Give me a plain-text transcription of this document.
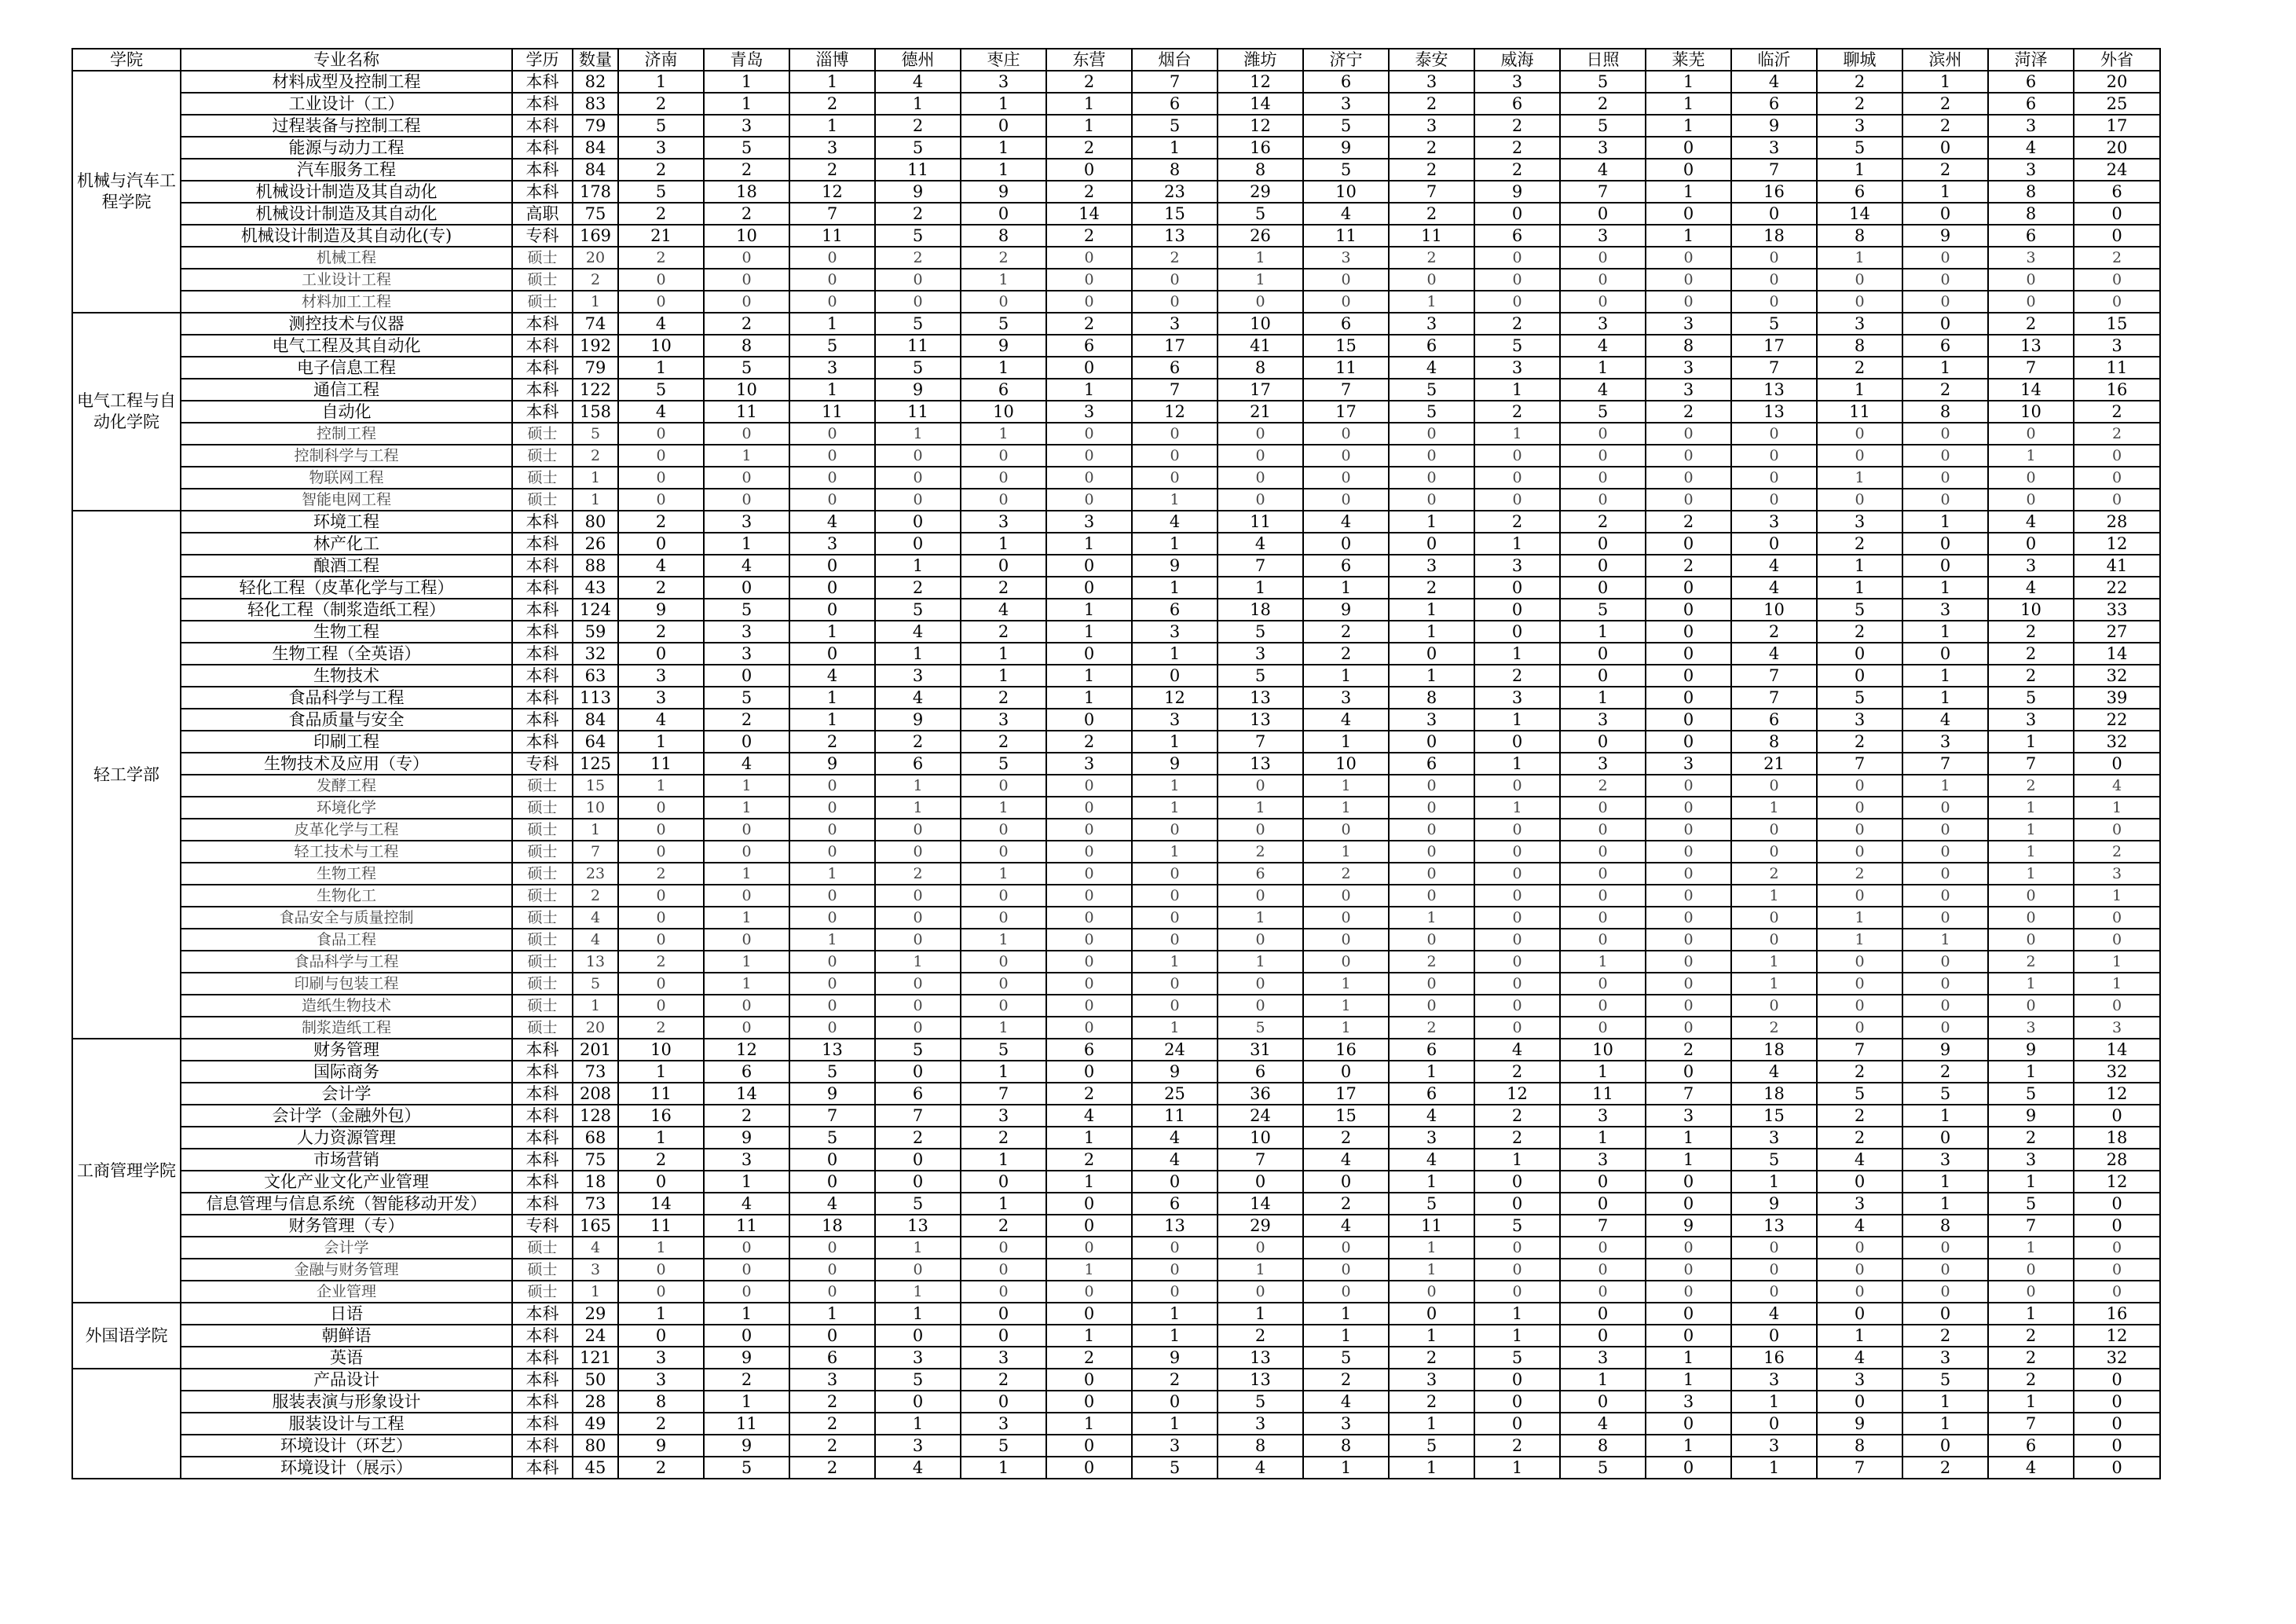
学院	专业名称	学历	数量	济南	青岛	淄博	德州	枣庄	东营	烟台	潍坊	济宁	泰安	威海	日照	莱芜	临沂	聊城	滨州	菏泽	外省
机械与汽车工程学院	材料成型及控制工程	本科	82	1	1	1	4	3	2	7	12	6	3	3	5	1	4	2	1	6	20
	工业设计（工）	本科	83	2	1	2	1	1	1	6	14	3	2	6	2	1	6	2	2	6	25
	过程装备与控制工程	本科	79	5	3	1	2	0	1	5	12	5	3	2	5	1	9	3	2	3	17
	能源与动力工程	本科	84	3	5	3	5	1	2	1	16	9	2	2	3	0	3	5	0	4	20
	汽车服务工程	本科	84	2	2	2	11	1	0	8	8	5	2	2	4	0	7	1	2	3	24
	机械设计制造及其自动化	本科	178	5	18	12	9	9	2	23	29	10	7	9	7	1	16	6	1	8	6
	机械设计制造及其自动化	高职	75	2	2	7	2	0	14	15	5	4	2	0	0	0	0	14	0	8	0
	机械设计制造及其自动化(专)	专科	169	21	10	11	5	8	2	13	26	11	11	6	3	1	18	8	9	6	0
	机械工程	硕士	20	2	0	0	2	2	0	2	1	3	2	0	0	0	0	1	0	3	2
	工业设计工程	硕士	2	0	0	0	0	1	0	0	1	0	0	0	0	0	0	0	0	0	0
	材料加工工程	硕士	1	0	0	0	0	0	0	0	0	0	1	0	0	0	0	0	0	0	0
电气工程与自动化学院	测控技术与仪器	本科	74	4	2	1	5	5	2	3	10	6	3	2	3	3	5	3	0	2	15
	电气工程及其自动化	本科	192	10	8	5	11	9	6	17	41	15	6	5	4	8	17	8	6	13	3
	电子信息工程	本科	79	1	5	3	5	1	0	6	8	11	4	3	1	3	7	2	1	7	11
	通信工程	本科	122	5	10	1	9	6	1	7	17	7	5	1	4	3	13	1	2	14	16
	自动化	本科	158	4	11	11	11	10	3	12	21	17	5	2	5	2	13	11	8	10	2
	控制工程	硕士	5	0	0	0	1	1	0	0	0	0	0	1	0	0	0	0	0	0	2
	控制科学与工程	硕士	2	0	1	0	0	0	0	0	0	0	0	0	0	0	0	0	0	1	0
	物联网工程	硕士	1	0	0	0	0	0	0	0	0	0	0	0	0	0	0	1	0	0	0
	智能电网工程	硕士	1	0	0	0	0	0	0	1	0	0	0	0	0	0	0	0	0	0	0
轻工学部	环境工程	本科	80	2	3	4	0	3	3	4	11	4	1	2	2	2	3	3	1	4	28
	林产化工	本科	26	0	1	3	0	1	1	1	4	0	0	1	0	0	0	2	0	0	12
	酿酒工程	本科	88	4	4	0	1	0	0	9	7	6	3	3	0	2	4	1	0	3	41
	轻化工程（皮革化学与工程）	本科	43	2	0	0	2	2	0	1	1	1	2	0	0	0	4	1	1	4	22
	轻化工程（制浆造纸工程）	本科	124	9	5	0	5	4	1	6	18	9	1	0	5	0	10	5	3	10	33
	生物工程	本科	59	2	3	1	4	2	1	3	5	2	1	0	1	0	2	2	1	2	27
	生物工程（全英语）	本科	32	0	3	0	1	1	0	1	3	2	0	1	0	0	4	0	0	2	14
	生物技术	本科	63	3	0	4	3	1	1	0	5	1	1	2	0	0	7	0	1	2	32
	食品科学与工程	本科	113	3	5	1	4	2	1	12	13	3	8	3	1	0	7	5	1	5	39
	食品质量与安全	本科	84	4	2	1	9	3	0	3	13	4	3	1	3	0	6	3	4	3	22
	印刷工程	本科	64	1	0	2	2	2	2	1	7	1	0	0	0	0	8	2	3	1	32
	生物技术及应用（专）	专科	125	11	4	9	6	5	3	9	13	10	6	1	3	3	21	7	7	7	0
	发酵工程	硕士	15	1	1	0	1	0	0	1	0	1	0	0	2	0	0	0	1	2	4
	环境化学	硕士	10	0	1	0	1	1	0	1	1	1	0	1	0	0	1	0	0	1	1
	皮革化学与工程	硕士	1	0	0	0	0	0	0	0	0	0	0	0	0	0	0	0	0	1	0
	轻工技术与工程	硕士	7	0	0	0	0	0	0	1	2	1	0	0	0	0	0	0	0	1	2
	生物工程	硕士	23	2	1	1	2	1	0	0	6	2	0	0	0	0	2	2	0	1	3
	生物化工	硕士	2	0	0	0	0	0	0	0	0	0	0	0	0	0	1	0	0	0	1
	食品安全与质量控制	硕士	4	0	1	0	0	0	0	0	1	0	1	0	0	0	0	1	0	0	0
	食品工程	硕士	4	0	0	1	0	1	0	0	0	0	0	0	0	0	0	1	1	0	0
	食品科学与工程	硕士	13	2	1	0	1	0	0	1	1	0	2	0	1	0	1	0	0	2	1
	印刷与包装工程	硕士	5	0	1	0	0	0	0	0	0	1	0	0	0	0	1	0	0	1	1
	造纸生物技术	硕士	1	0	0	0	0	0	0	0	0	1	0	0	0	0	0	0	0	0	0
	制浆造纸工程	硕士	20	2	0	0	0	1	0	1	5	1	2	0	0	0	2	0	0	3	3
工商管理学院	财务管理	本科	201	10	12	13	5	5	6	24	31	16	6	4	10	2	18	7	9	9	14
	国际商务	本科	73	1	6	5	0	1	0	9	6	0	1	2	1	0	4	2	2	1	32
	会计学	本科	208	11	14	9	6	7	2	25	36	17	6	12	11	7	18	5	5	5	12
	会计学（金融外包）	本科	128	16	2	7	7	3	4	11	24	15	4	2	3	3	15	2	1	9	0
	人力资源管理	本科	68	1	9	5	2	2	1	4	10	2	3	2	1	1	3	2	0	2	18
	市场营销	本科	75	2	3	0	0	1	2	4	7	4	4	1	3	1	5	4	3	3	28
	文化产业文化产业管理	本科	18	0	1	0	0	0	1	0	0	0	1	0	0	0	1	0	1	1	12
	信息管理与信息系统（智能移动开发）	本科	73	14	4	4	5	1	0	6	14	2	5	0	0	0	9	3	1	5	0
	财务管理（专）	专科	165	11	11	18	13	2	0	13	29	4	11	5	7	9	13	4	8	7	0
	会计学	硕士	4	1	0	0	1	0	0	0	0	0	1	0	0	0	0	0	0	1	0
	金融与财务管理	硕士	3	0	0	0	0	0	1	0	1	0	1	0	0	0	0	0	0	0	0
	企业管理	硕士	1	0	0	0	1	0	0	0	0	0	0	0	0	0	0	0	0	0	0
外国语学院	日语	本科	29	1	1	1	1	0	0	1	1	1	0	1	0	0	4	0	0	1	16
	朝鲜语	本科	24	0	0	0	0	0	1	1	2	1	1	1	0	0	0	1	2	2	12
	英语	本科	121	3	9	6	3	3	2	9	13	5	2	5	3	1	16	4	3	2	32
	产品设计	本科	50	3	2	3	5	2	0	2	13	2	3	0	1	1	3	3	5	2	0
	服装表演与形象设计	本科	28	8	1	2	0	0	0	0	5	4	2	0	0	3	1	0	1	1	0
	服装设计与工程	本科	49	2	11	2	1	3	1	1	3	3	1	0	4	0	0	9	1	7	0
	环境设计（环艺）	本科	80	9	9	2	3	5	0	3	8	8	5	2	8	1	3	8	0	6	0
	环境设计（展示）	本科	45	2	5	2	4	1	0	5	4	1	1	1	5	0	1	7	2	4	0
